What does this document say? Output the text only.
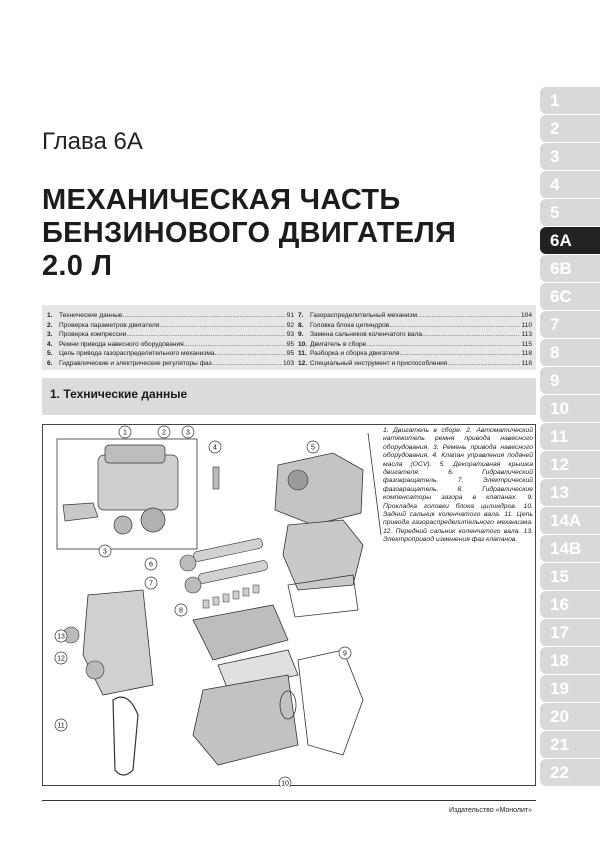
Глава 6А
МЕХАНИЧЕСКАЯ ЧАСТЬ
БЕНЗИНОВОГО ДВИГАТЕЛЯ
2.0 Л
1. Технические данные .....	91
2. Проверка параметров двигателя .....	92
3. Проверка компрессии .....	93
4. Ремни привода навесного оборудования .....	95
5. Цепь привода газораспределительного механизма .....	95
6. Гидравлические и электрические регуляторы фаз .....	103
7. Газораспределительный механизм .....	104
8. Головка блока цилиндров .....	110
9. Замена сальников коленчатого вала .....	113
10. Двигатель в сборе .....	115
11. Разборка и сборка двигателя .....	118
12. Специальный инструмент и приспособления .....	118
1. Технические данные
1	2	3
3
4	5
6
7
8
9
10
11
12
13
1. Двигатель в сборе. 2. Автоматический натяжитель ремня привода навесного оборудования. 3. Ремень привода навесного оборудования. 4. Клапан управления подачей масла (OCV). 5. Декоративная крышка двигателя. 6. Гидравлический фазовращатель. 7. Электрический фазовращатель. 8. Гидравлические компенсаторы зазора в клапанах. 9. Прокладка головки блока цилиндров. 10. Задний сальник коленчатого вала. 11. Цепь привода газораспределительного механизма. 12. Передний сальник коленчатого вала. 13. Электропривод изменения фаз клапанов.
Издательство «Монолит»
1
2
3
4
5
6А
6В
6С
7
8
9
10
11
12
13
14А
14В
15
16
17
18
19
20
21
22
